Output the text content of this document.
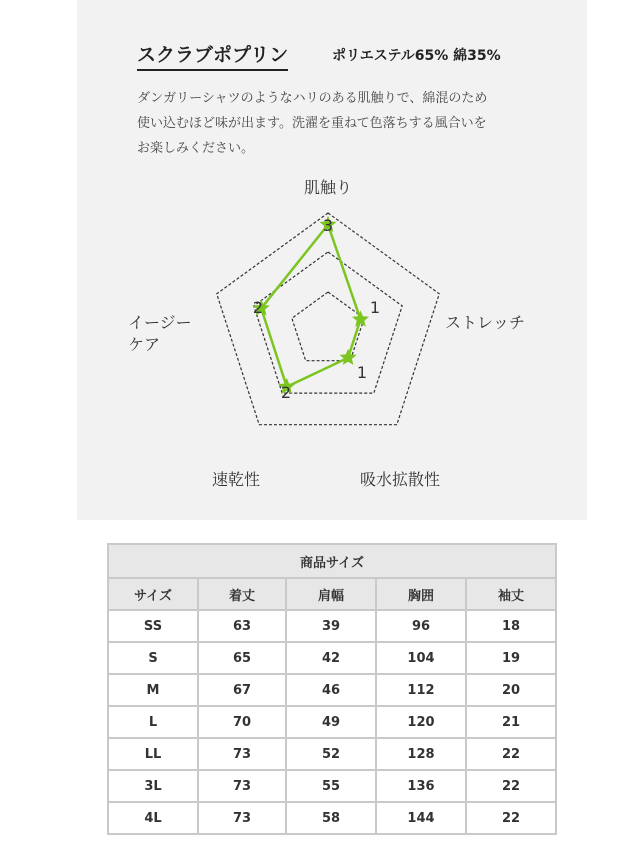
スクラブポプリン	ポリエステル65% 綿35%
ダンガリーシャツのようなハリのある肌触りで、綿混のため
使い込むほど味が出ます。洗濯を重ねて色落ちする風合いを
お楽しみください。
3
1
1
2
2
肌触り
ストレッチ
吸水拡散性
速乾性
イージー ケア
商品サイズ				
サイズ	着丈	肩幅	胸囲	袖丈
SS	63	39	96	18
S	65	42	104	19
M	67	46	112	20
L	70	49	120	21
LL	73	52	128	22
3L	73	55	136	22
4L	73	58	144	22
